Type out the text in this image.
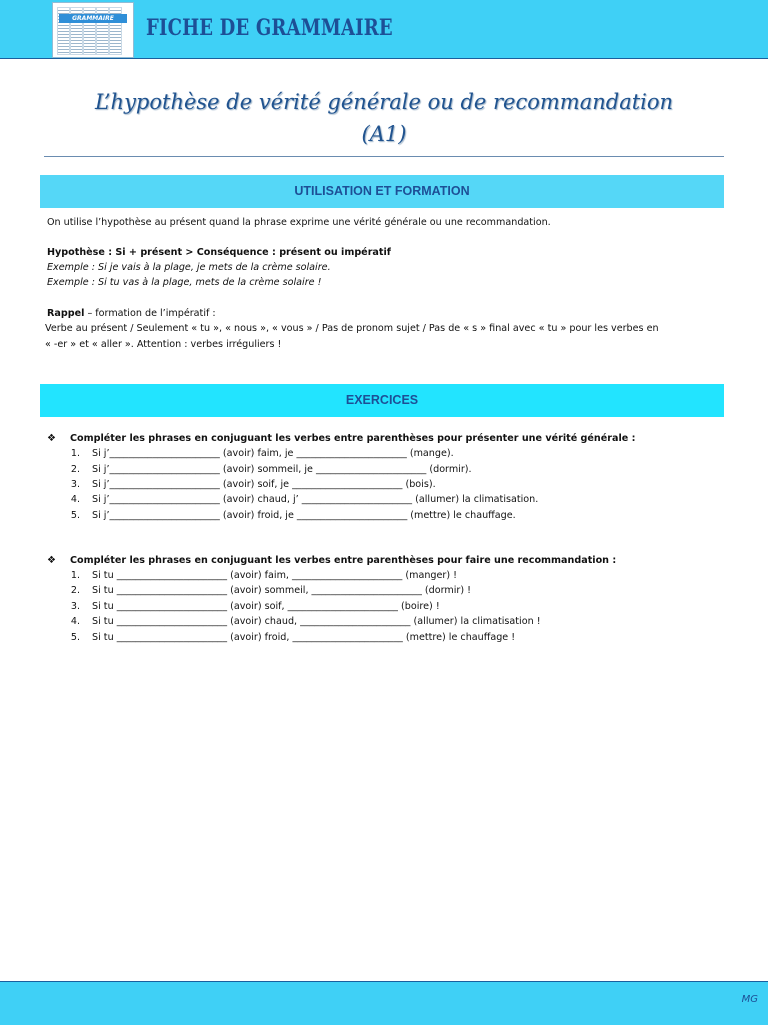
GRAMMAIRE	FICHE DE GRAMMAIRE
L’hypothèse de vérité générale ou de recommandation
(A1)
UTILISATION ET FORMATION
On utilise l’hypothèse au présent quand la phrase exprime une vérité générale ou une recommandation.
Hypothèse : Si + présent > Conséquence : présent ou impératif
Exemple : Si je vais à la plage, je mets de la crème solaire.
Exemple : Si tu vas à la plage, mets de la crème solaire !
Rappel – formation de l’impératif :
Verbe au présent / Seulement « tu », « nous », « vous » / Pas de pronom sujet / Pas de « s » final avec « tu » pour les verbes en
« -er » et « aller ». Attention : verbes irréguliers !
EXERCICES
❖ Compléter les phrases en conjuguant les verbes entre parenthèses pour présenter une vérité générale :
1. Si j’_______________________ (avoir) faim, je _______________________ (mange).
2. Si j’_______________________ (avoir) sommeil, je _______________________ (dormir).
3. Si j’_______________________ (avoir) soif, je _______________________ (bois).
4. Si j’_______________________ (avoir) chaud, j’ _______________________ (allumer) la climatisation.
5. Si j’_______________________ (avoir) froid, je _______________________ (mettre) le chauffage.
❖ Compléter les phrases en conjuguant les verbes entre parenthèses pour faire une recommandation :
1. Si tu _______________________ (avoir) faim, _______________________ (manger) !
2. Si tu _______________________ (avoir) sommeil, _______________________ (dormir) !
3. Si tu _______________________ (avoir) soif, _______________________ (boire) !
4. Si tu _______________________ (avoir) chaud, _______________________ (allumer) la climatisation !
5. Si tu _______________________ (avoir) froid, _______________________ (mettre) le chauffage !
MG
